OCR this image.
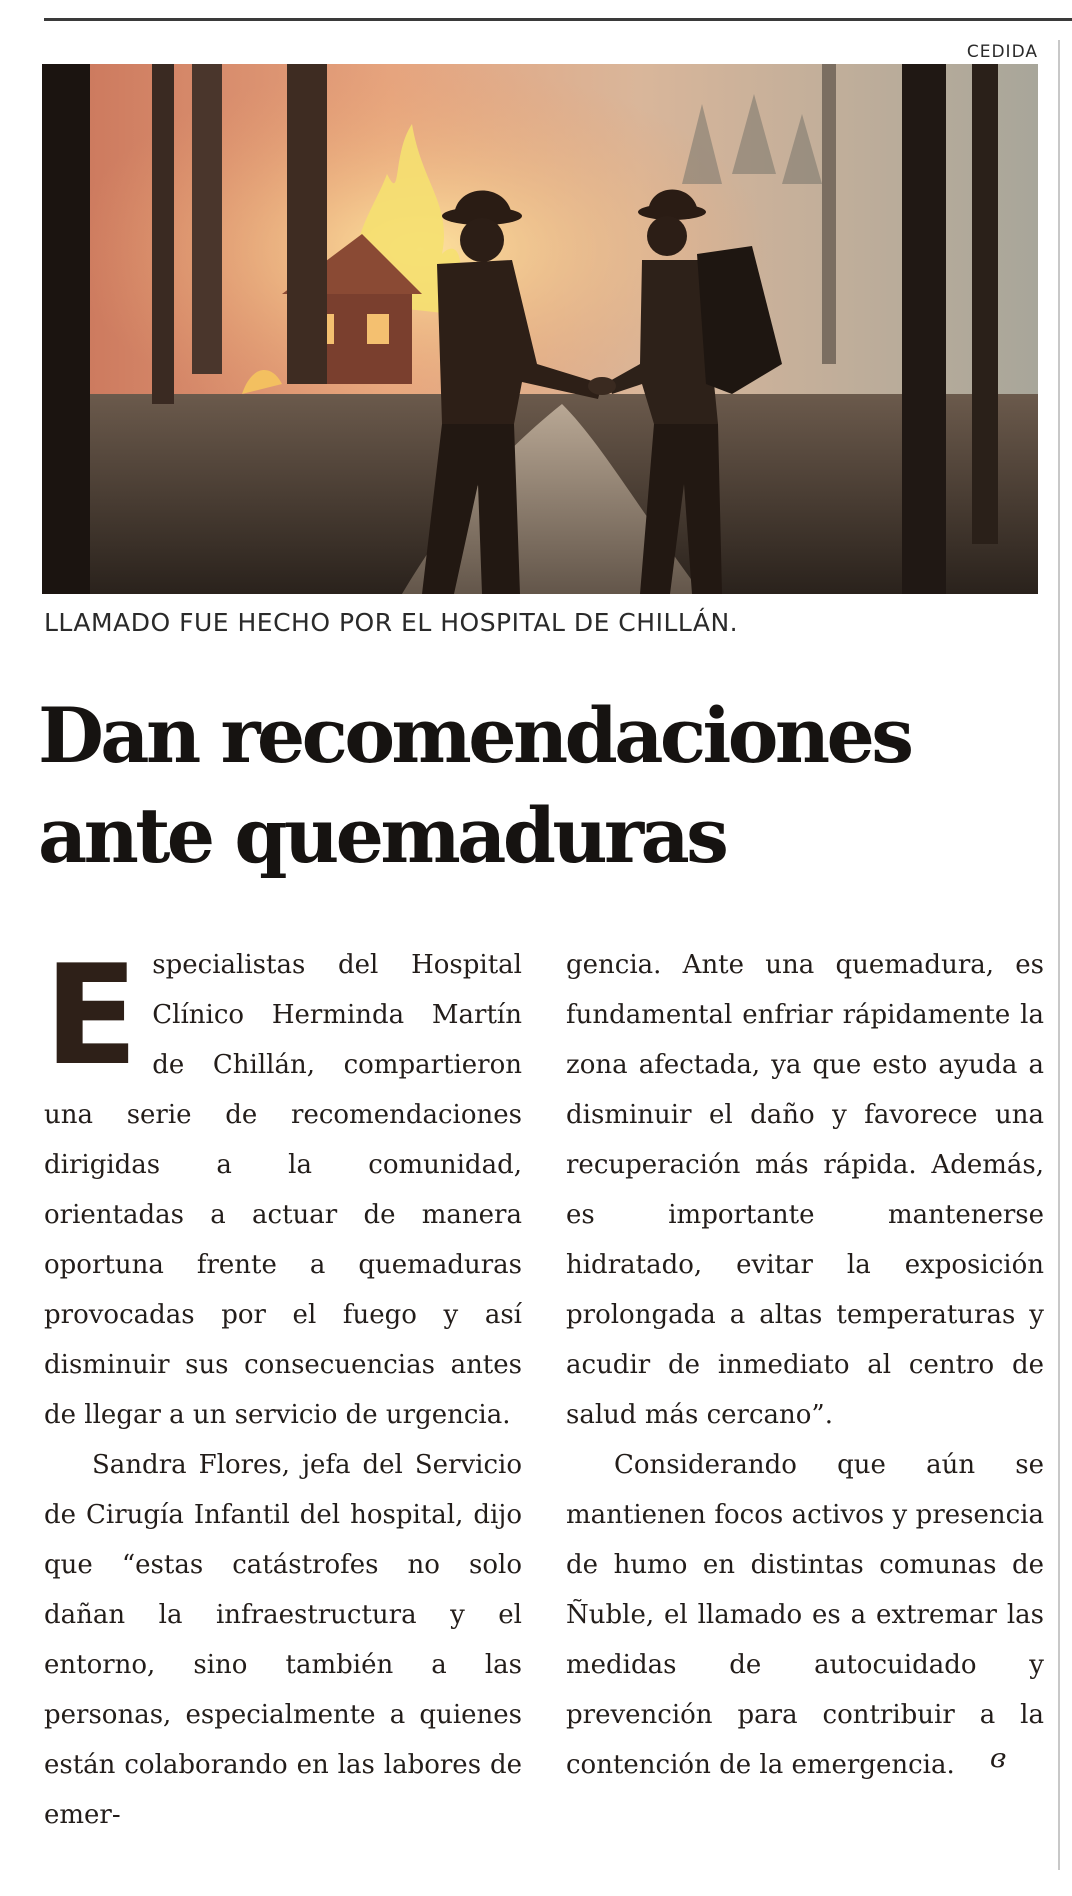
CEDIDA
LLAMADO FUE HECHO POR EL HOSPITAL DE CHILLÁN.
Dan recomendaciones ante quemaduras

Especialistas del Hospital Clínico Herminda Martín de Chillán, compartieron una serie de recomendaciones dirigidas a la comunidad, orientadas a actuar de manera oportuna frente a quemaduras provocadas por el fuego y así disminuir sus consecuencias antes de llegar a un servicio de urgencia.

Sandra Flores, jefa del Servicio de Cirugía Infantil del hospital, dijo que “estas catástrofes no solo dañan la infraestructura y el entorno, sino también a las personas, especialmente a quienes están colaborando en las labores de emer-

gencia. Ante una quemadura, es fundamental enfriar rápidamente la zona afectada, ya que esto ayuda a disminuir el daño y favorece una recuperación más rápida. Además, es importante mantenerse hidratado, evitar la exposición prolongada a altas temperaturas y acudir de inmediato al centro de salud más cercano”.

Considerando que aún se mantienen focos activos y presencia de humo en distintas comunas de Ñuble, el llamado es a extremar las medidas de autocuidado y prevención para contribuir a la contención de la emergencia.	ɞ
